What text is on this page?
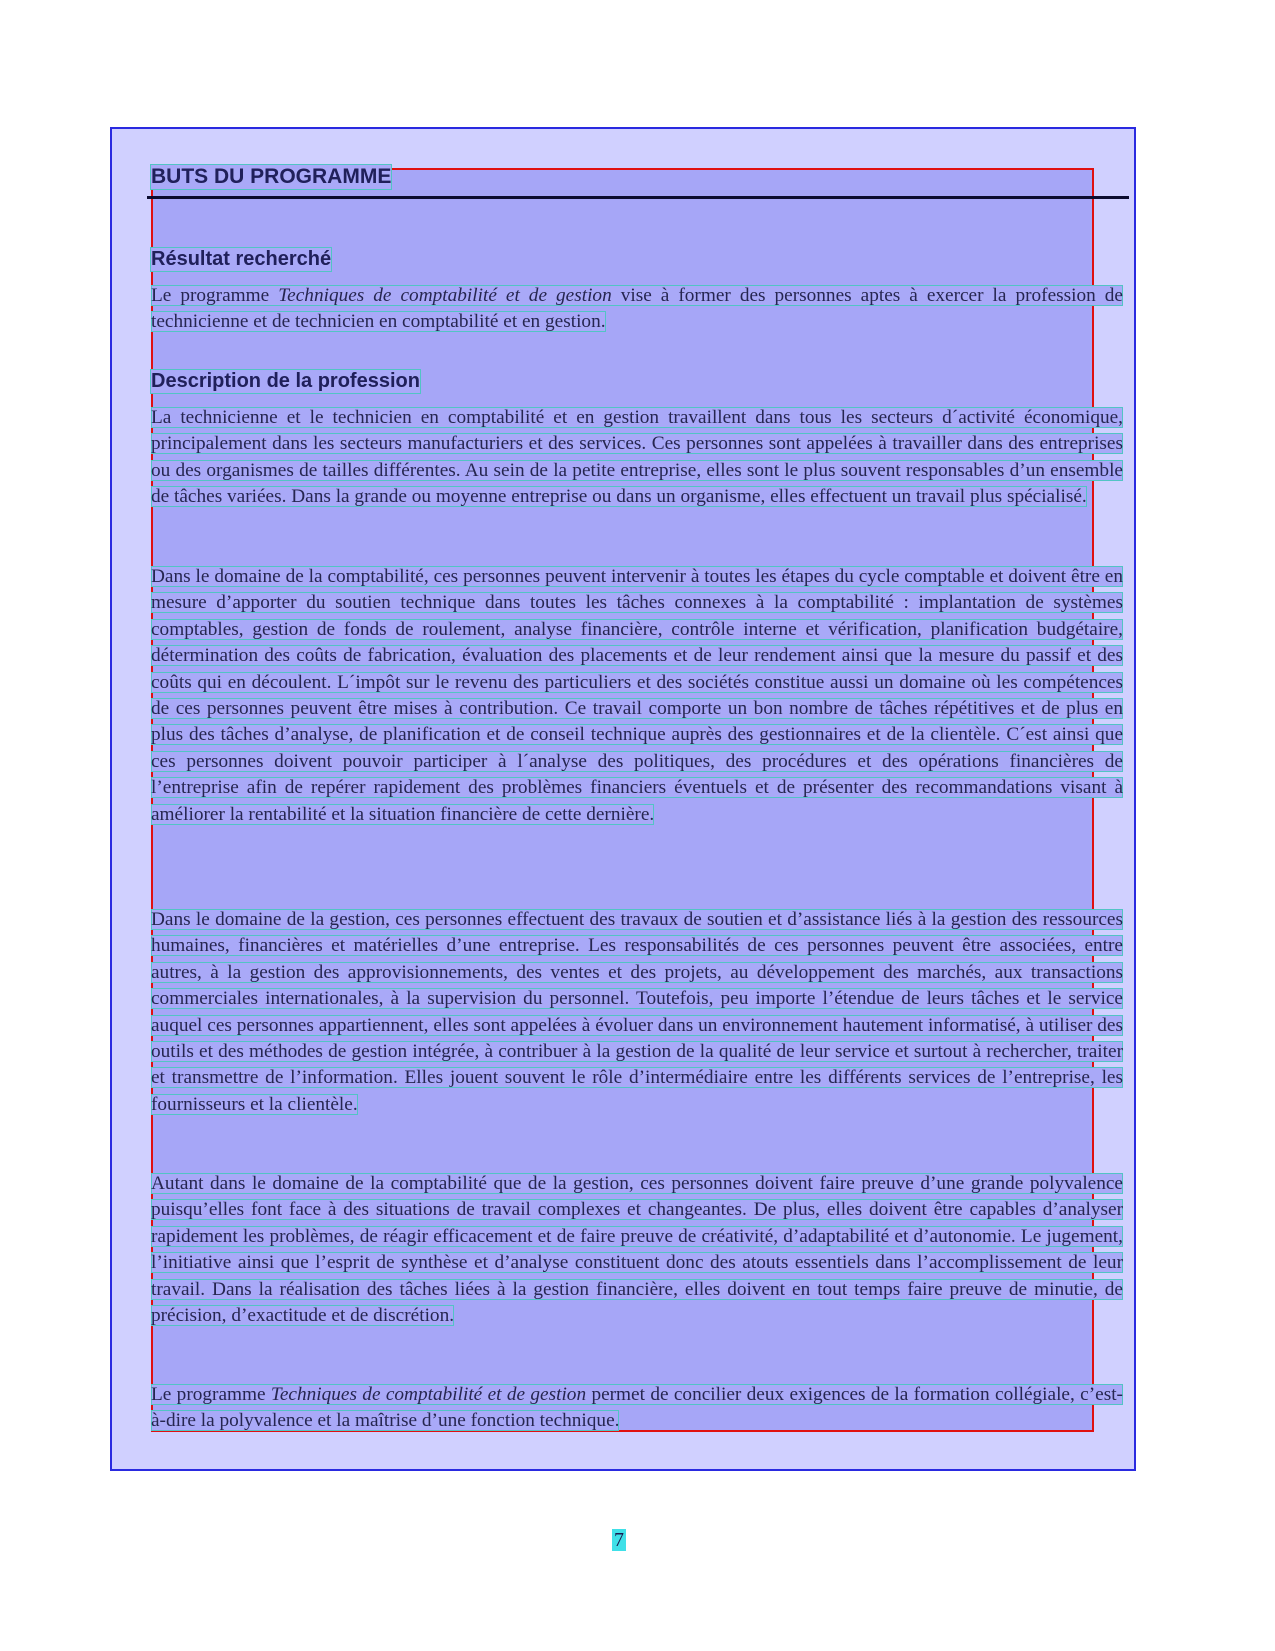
BUTS DU PROGRAMME
Résultat recherché

Le programme Techniques de comptabilité et de gestion vise à former des personnes aptes à exercer la profession de technicienne et de technicien en comptabilité et en gestion.

Description de la profession

La technicienne et le technicien en comptabilité et en gestion travaillent dans tous les secteurs d´activité économique, principalement dans les secteurs manufacturiers et des services. Ces personnes sont appelées à travailler dans des entreprises ou des organismes de tailles différentes. Au sein de la petite entreprise, elles sont le plus souvent responsables d’un ensemble de tâches variées. Dans la grande ou moyenne entreprise ou dans un organisme, elles effectuent un travail plus spécialisé.

Dans le domaine de la comptabilité, ces personnes peuvent intervenir à toutes les étapes du cycle comptable et doivent être en mesure d’apporter du soutien technique dans toutes les tâches connexes à la comptabilité : implantation de systèmes comptables, gestion de fonds de roulement, analyse financière, contrôle interne et vérification, planification budgétaire, détermination des coûts de fabrication, évaluation des placements et de leur rendement ainsi que la mesure du passif et des coûts qui en découlent. L´impôt sur le revenu des particuliers et des sociétés constitue aussi un domaine où les compétences de ces personnes peuvent être mises à contribution. Ce travail comporte un bon nombre de tâches répétitives et de plus en plus des tâches d’analyse, de planification et de conseil technique auprès des gestionnaires et de la clientèle. C´est ainsi que ces personnes doivent pouvoir participer à l´analyse des politiques, des procédures et des opérations financières de l’entreprise afin de repérer rapidement des problèmes financiers éventuels et de présenter des recommandations visant à améliorer la rentabilité et la situation financière de cette dernière.

Dans le domaine de la gestion, ces personnes effectuent des travaux de soutien et d’assistance liés à la gestion des ressources humaines, financières et matérielles d’une entreprise. Les responsabilités de ces personnes peuvent être associées, entre autres, à la gestion des approvisionnements, des ventes et des projets, au développement des marchés, aux transactions commerciales internationales, à la supervision du personnel. Toutefois, peu importe l’étendue de leurs tâches et le service auquel ces personnes appartiennent, elles sont appelées à évoluer dans un environnement hautement informatisé, à utiliser des outils et des méthodes de gestion intégrée, à contribuer à la gestion de la qualité de leur service et surtout à rechercher, traiter et transmettre de l’information. Elles jouent souvent le rôle d’intermédiaire entre les différents services de l’entreprise, les fournisseurs et la clientèle.

Autant dans le domaine de la comptabilité que de la gestion, ces personnes doivent faire preuve d’une grande polyvalence puisqu’elles font face à des situations de travail complexes et changeantes. De plus, elles doivent être capables d’analyser rapidement les problèmes, de réagir efficacement et de faire preuve de créativité, d’adaptabilité et d’autonomie. Le jugement, l’initiative ainsi que l’esprit de synthèse et d’analyse constituent donc des atouts essentiels dans l’accomplissement de leur travail. Dans la réalisation des tâches liées à la gestion financière, elles doivent en tout temps faire preuve de minutie, de précision, d’exactitude et de discrétion.

Le programme Techniques de comptabilité et de gestion permet de concilier deux exigences de la formation collégiale, c’est-à-dire la polyvalence et la maîtrise d’une fonction technique.

7
